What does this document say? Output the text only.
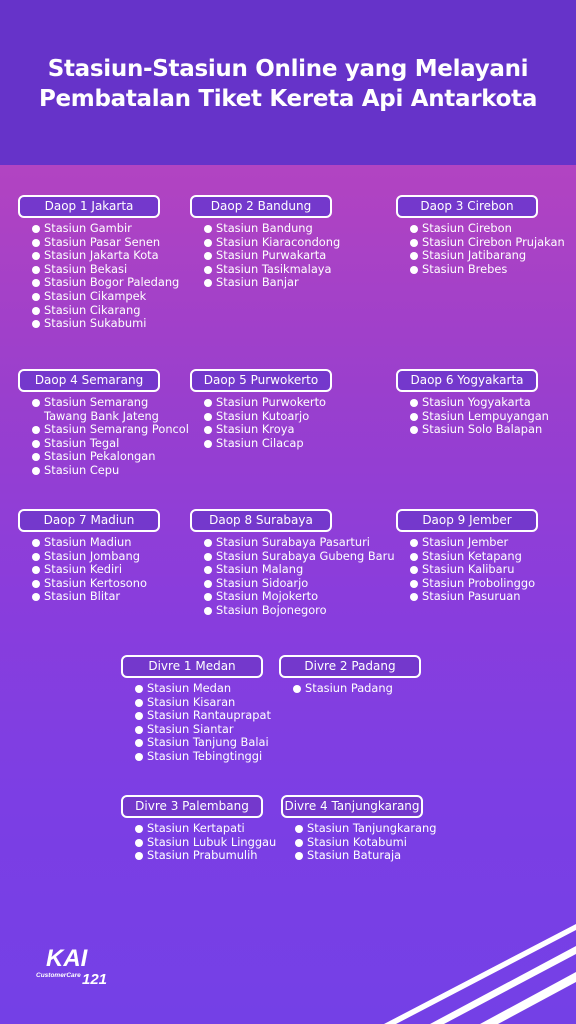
Stasiun-Stasiun Online yang Melayani
Pembatalan Tiket Kereta Api Antarkota
Daop 1 Jakarta
Stasiun Gambir
Stasiun Pasar Senen
Stasiun Jakarta Kota
Stasiun Bekasi
Stasiun Bogor Paledang
Stasiun Cikampek
Stasiun Cikarang
Stasiun Sukabumi
Daop 2 Bandung
Stasiun Bandung
Stasiun Kiaracondong
Stasiun Purwakarta
Stasiun Tasikmalaya
Stasiun Banjar
Daop 3 Cirebon
Stasiun Cirebon
Stasiun Cirebon Prujakan
Stasiun Jatibarang
Stasiun Brebes
Daop 4 Semarang
Stasiun Semarang
Tawang Bank Jateng
Stasiun Semarang Poncol
Stasiun Tegal
Stasiun Pekalongan
Stasiun Cepu
Daop 5 Purwokerto
Stasiun Purwokerto
Stasiun Kutoarjo
Stasiun Kroya
Stasiun Cilacap
Daop 6 Yogyakarta
Stasiun Yogyakarta
Stasiun Lempuyangan
Stasiun Solo Balapan
Daop 7 Madiun
Stasiun Madiun
Stasiun Jombang
Stasiun Kediri
Stasiun Kertosono
Stasiun Blitar
Daop 8 Surabaya
Stasiun Surabaya Pasarturi
Stasiun Surabaya Gubeng Baru
Stasiun Malang
Stasiun Sidoarjo
Stasiun Mojokerto
Stasiun Bojonegoro
Daop 9 Jember
Stasiun Jember
Stasiun Ketapang
Stasiun Kalibaru
Stasiun Probolinggo
Stasiun Pasuruan
Divre 1 Medan
Stasiun Medan
Stasiun Kisaran
Stasiun Rantauprapat
Stasiun Siantar
Stasiun Tanjung Balai
Stasiun Tebingtinggi
Divre 2 Padang
Stasiun Padang
Divre 3 Palembang
Stasiun Kertapati
Stasiun Lubuk Linggau
Stasiun Prabumulih
Divre 4 Tanjungkarang
Stasiun Tanjungkarang
Stasiun Kotabumi
Stasiun Baturaja
KAI
CustomerCare 121
